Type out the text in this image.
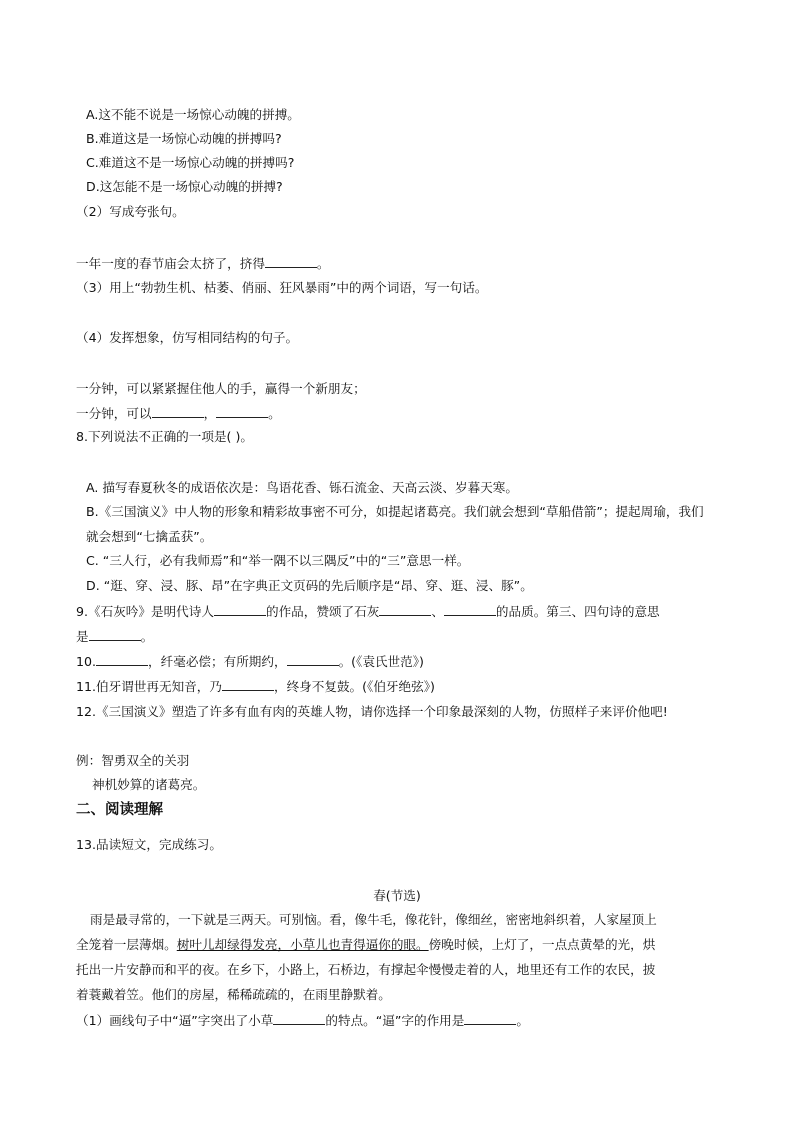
A.这不能不说是一场惊心动魄的拼搏。
B.难道这是一场惊心动魄的拼搏吗?
C.难道这不是一场惊心动魄的拼搏吗?
D.这怎能不是一场惊心动魄的拼搏?
（2）写成夸张句。
一年一度的春节庙会太挤了，挤得	。
（3）用上“勃勃生机、枯萎、俏丽、狂风暴雨”中的两个词语，写一句话。
（4）发挥想象，仿写相同结构的句子。
一分钟，可以紧紧握住他人的手，赢得一个新朋友；
一分钟，可以	，	。
8.下列说法不正确的一项是( )。
A. 描写春夏秋冬的成语依次是：鸟语花香、铄石流金、天高云淡、岁暮天寒。
B.《三国演义》中人物的形象和精彩故事密不可分，如提起诸葛亮。我们就会想到“草船借箭”；提起周瑜，我们就会想到“七擒孟获”。
C. “三人行，必有我师焉”和“举一隅不以三隅反”中的“三”意思一样。
D. “逛、穿、浸、豚、昂”在字典正文页码的先后顺序是“昂、穿、逛、浸、豚”。
9.《石灰吟》是明代诗人	的作品，赞颂了石灰	、	的品质。第三、四句诗的意思
是	。
10.	，纤毫必偿；有所期约，	。(《袁氏世范》)
11.伯牙谓世再无知音，乃	，终身不复鼓。(《伯牙绝弦》)
12.《三国演义》塑造了许多有血有肉的英雄人物，请你选择一个印象最深刻的人物，仿照样子来评价他吧!
例：智勇双全的关羽
神机妙算的诸葛亮。
二、阅读理解
13.品读短文，完成练习。
春(节选)
雨是最寻常的，一下就是三两天。可别恼。看，像牛毛，像花针，像细丝，密密地斜织着，人家屋顶上
全笼着一层薄烟。树叶儿却绿得发亮，小草儿也青得逼你的眼。傍晚时候，上灯了，一点点黄晕的光，烘
托出一片安静而和平的夜。在乡下，小路上，石桥边，有撑起伞慢慢走着的人，地里还有工作的农民，披
着蓑戴着笠。他们的房屋，稀稀疏疏的，在雨里静默着。
（1）画线句子中“逼”字突出了小草	的特点。“逼”字的作用是	。
